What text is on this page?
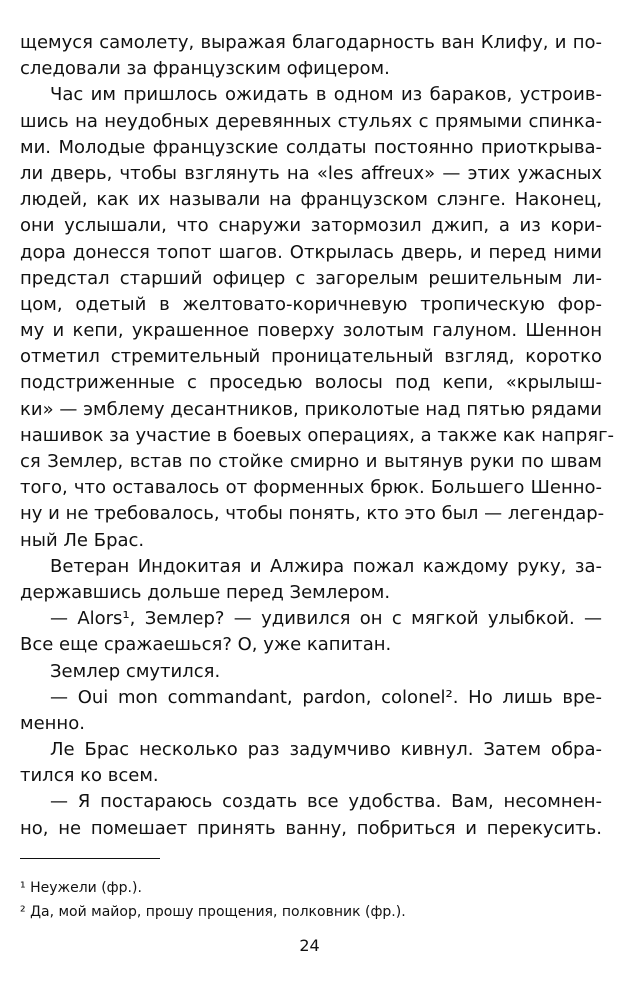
щемуся самолету, выражая благодарность ван Клифу, и по-
следовали за французским офицером.
Час им пришлось ожидать в одном из бараков, устроив-
шись на неудобных деревянных стульях с прямыми спинка-
ми. Молодые французские солдаты постоянно приоткрыва-
ли дверь, чтобы взглянуть на «les affreux» — этих ужасных
людей, как их называли на французском слэнге. Наконец,
они услышали, что снаружи затормозил джип, а из кори-
дора донесся топот шагов. Открылась дверь, и перед ними
предстал старший офицер с загорелым решительным ли-
цом, одетый в желтовато-коричневую тропическую фор-
му и кепи, украшенное поверху золотым галуном. Шеннон
отметил стремительный проницательный взгляд, коротко
подстриженные с проседью волосы под кепи, «крылыш-
ки» — эмблему десантников, приколотые над пятью рядами
нашивок за участие в боевых операциях, а также как напряг-
ся Землер, встав по стойке смирно и вытянув руки по швам
того, что оставалось от форменных брюк. Большего Шенно-
ну и не требовалось, чтобы понять, кто это был — легендар-
ный Ле Брас.
Ветеран Индокитая и Алжира пожал каждому руку, за-
державшись дольше перед Землером.
— Alors¹, Землер? — удивился он с мягкой улыбкой. —
Все еще сражаешься? О, уже капитан.
Землер смутился.
— Oui mon commandant, pardon, colonel². Но лишь вре-
менно.
Ле Брас несколько раз задумчиво кивнул. Затем обра-
тился ко всем.
— Я постараюсь создать все удобства. Вам, несомнен-
но, не помешает принять ванну, побриться и перекусить.
¹ Неужели (фр.).
² Да, мой майор, прошу прощения, полковник (фр.).
24
